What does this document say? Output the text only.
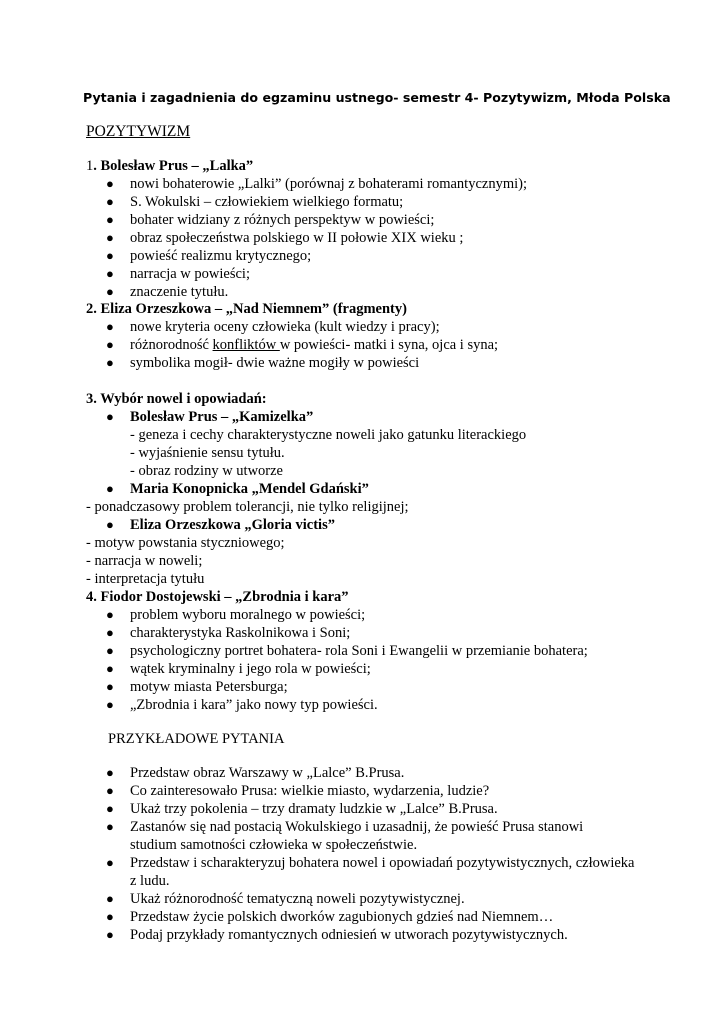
Pytania i zagadnienia do egzaminu ustnego- semestr 4- Pozytywizm, Młoda Polska
POZYTYWIZM
1. Bolesław Prus – „Lalka”
● nowi bohaterowie „Lalki” (porównaj z bohaterami romantycznymi);
● S. Wokulski – człowiekiem wielkiego formatu;
● bohater widziany z różnych perspektyw w powieści;
● obraz społeczeństwa polskiego w II połowie XIX wieku ;
● powieść realizmu krytycznego;
● narracja w powieści;
● znaczenie tytułu.
2. Eliza Orzeszkowa – „Nad Niemnem” (fragmenty)
● nowe kryteria oceny człowieka (kult wiedzy i pracy);
● różnorodność konfliktów w powieści- matki i syna, ojca i syna;
● symbolika mogił- dwie ważne mogiły w powieści
3. Wybór nowel i opowiadań:
● Bolesław Prus – „Kamizelka”
- geneza i cechy charakterystyczne noweli jako gatunku literackiego
- wyjaśnienie sensu tytułu.
- obraz rodziny w utworze
● Maria Konopnicka „Mendel Gdański”
- ponadczasowy problem tolerancji, nie tylko religijnej;
● Eliza Orzeszkowa „Gloria victis”
- motyw powstania styczniowego;
- narracja w noweli;
- interpretacja tytułu
4. Fiodor Dostojewski – „Zbrodnia i kara”
● problem wyboru moralnego w powieści;
● charakterystyka Raskolnikowa i Soni;
● psychologiczny portret bohatera- rola Soni i Ewangelii w przemianie bohatera;
● wątek kryminalny i jego rola w powieści;
● motyw miasta Petersburga;
● „Zbrodnia i kara” jako nowy typ powieści.
PRZYKŁADOWE PYTANIA
● Przedstaw obraz Warszawy w „Lalce” B.Prusa.
● Co zainteresowało Prusa: wielkie miasto, wydarzenia, ludzie?
● Ukaż trzy pokolenia – trzy dramaty ludzkie w „Lalce” B.Prusa.
● Zastanów się nad postacią Wokulskiego i uzasadnij, że powieść Prusa stanowi
studium samotności człowieka w społeczeństwie.
● Przedstaw i scharakteryzuj bohatera nowel i opowiadań pozytywistycznych, człowieka
z ludu.
● Ukaż różnorodność tematyczną noweli pozytywistycznej.
● Przedstaw życie polskich dworków zagubionych gdzieś nad Niemnem…
● Podaj przykłady romantycznych odniesień w utworach pozytywistycznych.
